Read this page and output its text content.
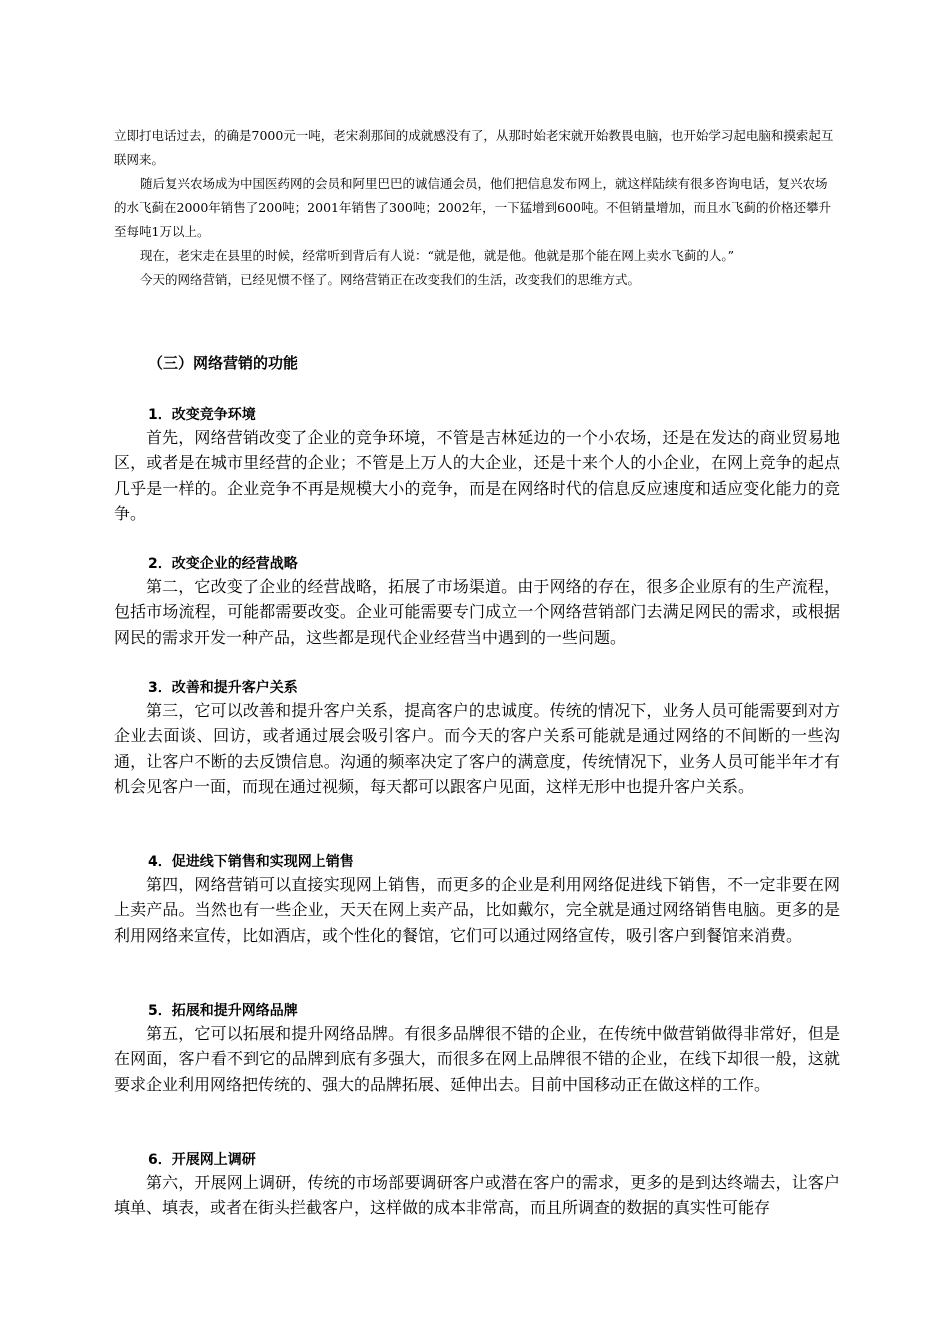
立即打电话过去，的确是7000元一吨，老宋刹那间的成就感没有了，从那时始老宋就开始教畏电脑，也开始学习起电脑和摸索起互联网来。

随后复兴农场成为中国医药网的会员和阿里巴巴的诚信通会员，他们把信息发布网上，就这样陆续有很多咨询电话，复兴农场的水飞蓟在2000年销售了200吨；2001年销售了300吨；2002年，一下猛增到600吨。不但销量增加，而且水飞蓟的价格还攀升至每吨1万以上。

现在，老宋走在县里的时候，经常听到背后有人说：“就是他，就是他。他就是那个能在网上卖水飞蓟的人。”

今天的网络营销，已经见惯不怪了。网络营销正在改变我们的生活，改变我们的思维方式。

（三）网络营销的功能
1．改变竞争环境

首先，网络营销改变了企业的竞争环境，不管是吉林延边的一个小农场，还是在发达的商业贸易地区，或者是在城市里经营的企业；不管是上万人的大企业，还是十来个人的小企业，在网上竞争的起点几乎是一样的。企业竞争不再是规模大小的竞争，而是在网络时代的信息反应速度和适应变化能力的竞争。

2．改变企业的经营战略

第二，它改变了企业的经营战略，拓展了市场渠道。由于网络的存在，很多企业原有的生产流程，包括市场流程，可能都需要改变。企业可能需要专门成立一个网络营销部门去满足网民的需求，或根据网民的需求开发一种产品，这些都是现代企业经营当中遇到的一些问题。

3．改善和提升客户关系

第三，它可以改善和提升客户关系，提高客户的忠诚度。传统的情况下，业务人员可能需要到对方企业去面谈、回访，或者通过展会吸引客户。而今天的客户关系可能就是通过网络的不间断的一些沟通，让客户不断的去反馈信息。沟通的频率决定了客户的满意度，传统情况下，业务人员可能半年才有机会见客户一面，而现在通过视频，每天都可以跟客户见面，这样无形中也提升客户关系。

4．促进线下销售和实现网上销售

第四，网络营销可以直接实现网上销售，而更多的企业是利用网络促进线下销售，不一定非要在网上卖产品。当然也有一些企业，天天在网上卖产品，比如戴尔，完全就是通过网络销售电脑。更多的是利用网络来宣传，比如酒店，或个性化的餐馆，它们可以通过网络宣传，吸引客户到餐馆来消费。

5．拓展和提升网络品牌

第五，它可以拓展和提升网络品牌。有很多品牌很不错的企业，在传统中做营销做得非常好，但是在网面，客户看不到它的品牌到底有多强大，而很多在网上品牌很不错的企业，在线下却很一般，这就要求企业利用网络把传统的、强大的品牌拓展、延伸出去。目前中国移动正在做这样的工作。

6．开展网上调研

第六，开展网上调研，传统的市场部要调研客户或潜在客户的需求，更多的是到达终端去，让客户填单、填表，或者在街头拦截客户，这样做的成本非常高，而且所调查的数据的真实性可能存
